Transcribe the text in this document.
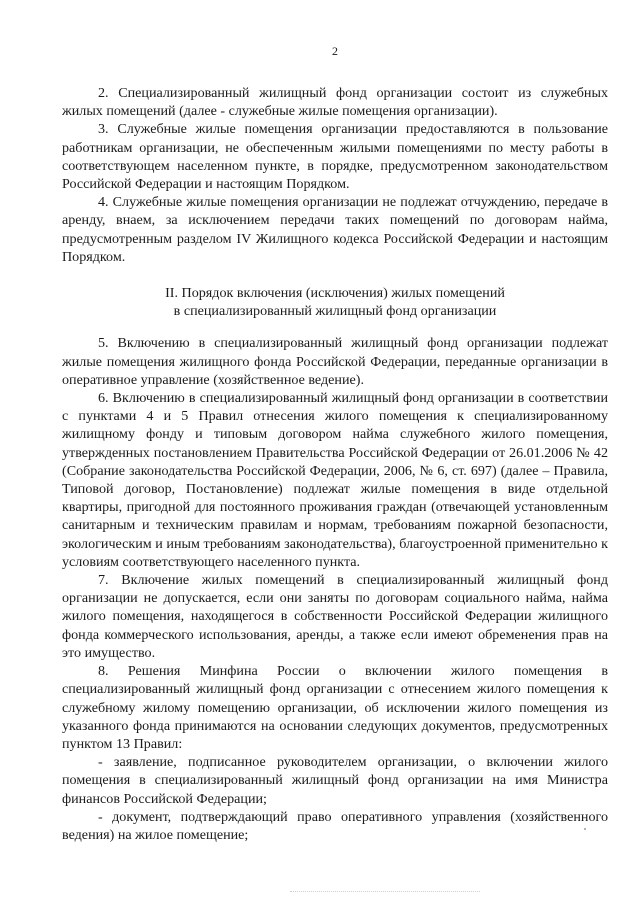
2

2. Специализированный жилищный фонд организации состоит из служебных жилых помещений (далее - служебные жилые помещения организации).

3. Служебные жилые помещения организации предоставляются в пользование работникам организации, не обеспеченным жилыми помещениями по месту работы в соответствующем населенном пункте, в порядке, предусмотренном законодательством Российской Федерации и настоящим Порядком.

4. Служебные жилые помещения организации не подлежат отчуждению, передаче в аренду, внаем, за исключением передачи таких помещений по договорам найма, предусмотренным разделом IV Жилищного кодекса Российской Федерации и настоящим Порядком.

II. Порядок включения (исключения) жилых помещений
в специализированный жилищный фонд организации

5. Включению в специализированный жилищный фонд организации подлежат жилые помещения жилищного фонда Российской Федерации, переданные организации в оперативное управление (хозяйственное ведение).

6. Включению в специализированный жилищный фонд организации в соответствии с пунктами 4 и 5 Правил отнесения жилого помещения к специализированному жилищному фонду и типовым договором найма служебного жилого помещения, утвержденных постановлением Правительства Российской Федерации от 26.01.2006 № 42 (Собрание законодательства Российской Федерации, 2006, № 6, ст. 697) (далее – Правила, Типовой договор, Постановление) подлежат жилые помещения в виде отдельной квартиры, пригодной для постоянного проживания граждан (отвечающей установленным санитарным и техническим правилам и нормам, требованиям пожарной безопасности, экологическим и иным требованиям законодательства), благоустроенной применительно к условиям соответствующего населенного пункта.

7. Включение жилых помещений в специализированный жилищный фонд организации не допускается, если они заняты по договорам социального найма, найма жилого помещения, находящегося в собственности Российской Федерации жилищного фонда коммерческого использования, аренды, а также если имеют обременения прав на это имущество.

8. Решения Минфина России о включении жилого помещения в специализированный жилищный фонд организации с отнесением жилого помещения к служебному жилому помещению организации, об исключении жилого помещения из указанного фонда принимаются на основании следующих документов, предусмотренных пунктом 13 Правил:

- заявление, подписанное руководителем организации, о включении жилого помещения в специализированный жилищный фонд организации на имя Министра финансов Российской Федерации;

- документ, подтверждающий право оперативного управления (хозяйственного ведения) на жилое помещение;
